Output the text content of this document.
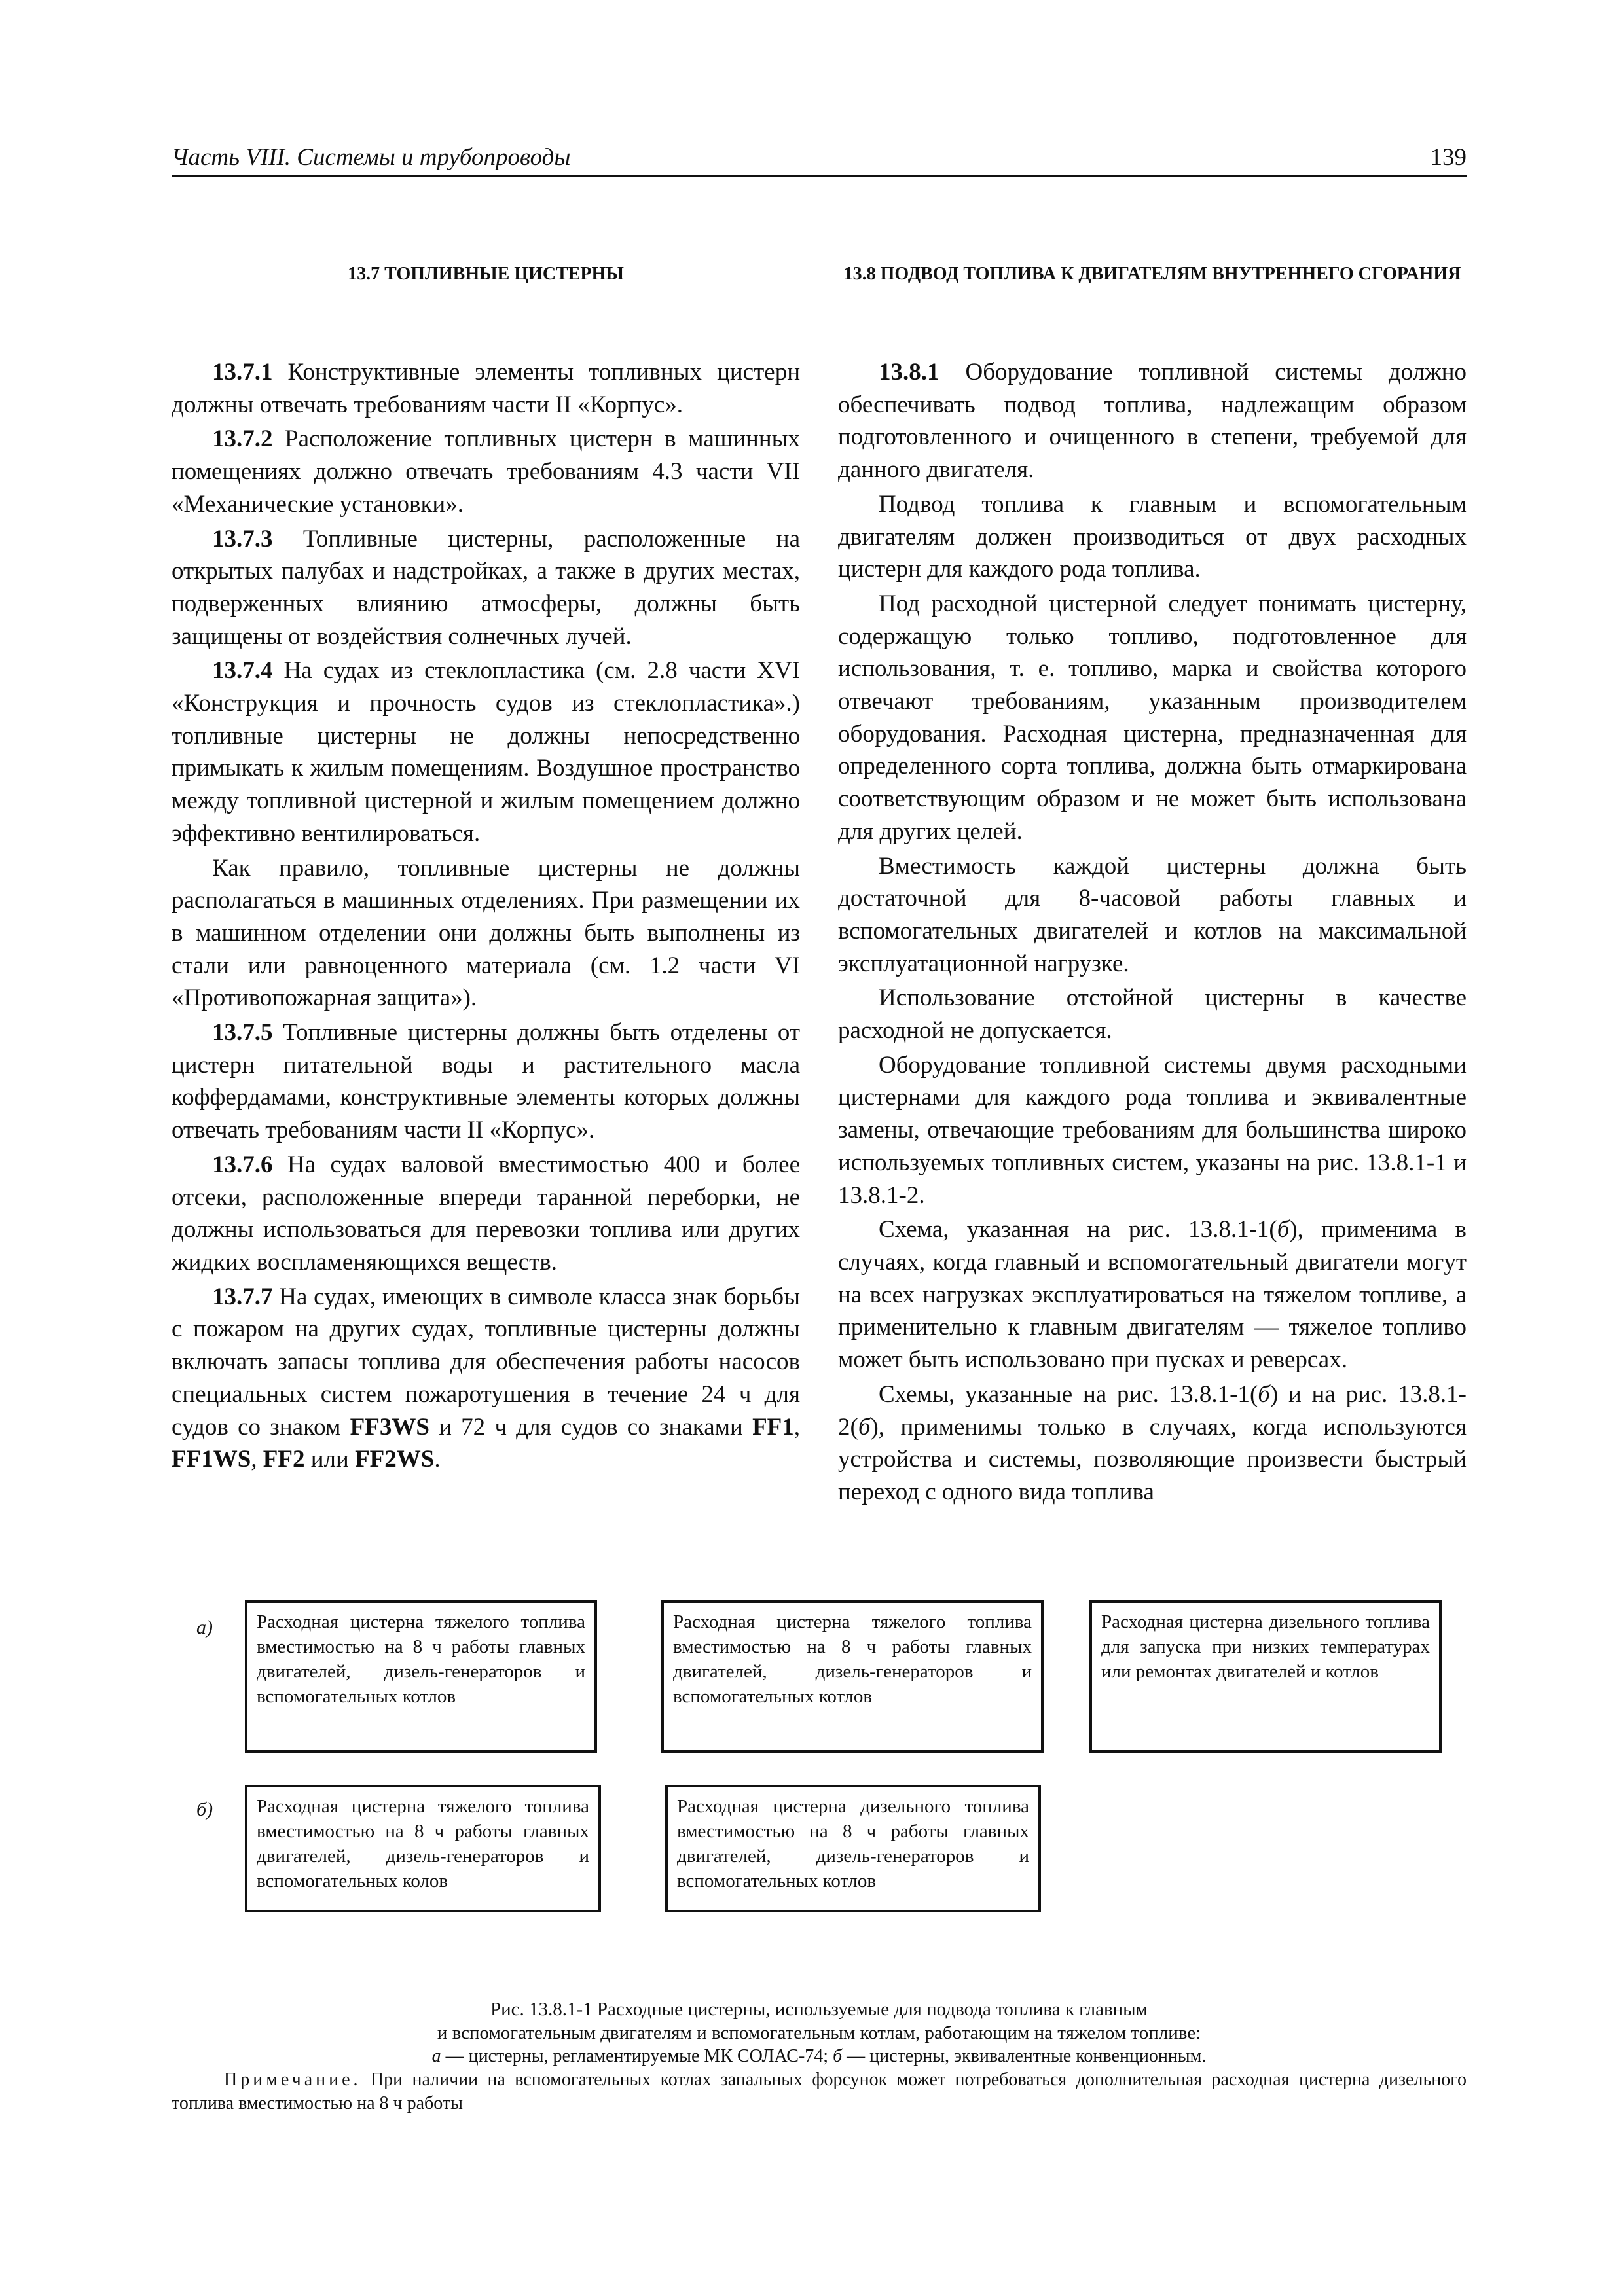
Часть VIII. Системы и трубопроводы	139
13.7 ТОПЛИВНЫЕ ЦИСТЕРНЫ

13.7.1 Конструктивные элементы топливных цистерн должны отвечать требованиям части II «Корпус».

13.7.2 Расположение топливных цистерн в машинных помещениях должно отвечать требованиям 4.3 части VII «Механические установки».

13.7.3 Топливные цистерны, расположенные на открытых палубах и надстройках, а также в других местах, подверженных влиянию атмосферы, должны быть защищены от воздействия солнечных лучей.

13.7.4 На судах из стеклопластика (см. 2.8 части XVI «Конструкция и прочность судов из стеклопластика».) топливные цистерны не должны непосредственно примыкать к жилым помещениям. Воздушное пространство между топливной цистерной и жилым помещением должно эффективно вентилироваться.

Как правило, топливные цистерны не должны располагаться в машинных отделениях. При размещении их в машинном отделении они должны быть выполнены из стали или равноценного материала (см. 1.2 части VI «Противопожарная защита»).

13.7.5 Топливные цистерны должны быть отделены от цистерн питательной воды и растительного масла коффердамами, конструктивные элементы которых должны отвечать требованиям части II «Корпус».

13.7.6 На судах валовой вместимостью 400 и более отсеки, расположенные впереди таранной переборки, не должны использоваться для перевозки топлива или других жидких воспламеняющихся веществ.

13.7.7 На судах, имеющих в символе класса знак борьбы с пожаром на других судах, топливные цистерны должны включать запасы топлива для обеспечения работы насосов специальных систем пожаротушения в течение 24 ч для судов со знаком FF3WS и 72 ч для судов со знаками FF1, FF1WS, FF2 или FF2WS.

13.8 ПОДВОД ТОПЛИВА К ДВИГАТЕЛЯМ ВНУТРЕННЕГО СГОРАНИЯ

13.8.1 Оборудование топливной системы должно обеспечивать подвод топлива, надлежащим образом подготовленного и очищенного в степени, требуемой для данного двигателя.

Подвод топлива к главным и вспомогательным двигателям должен производиться от двух расходных цистерн для каждого рода топлива.

Под расходной цистерной следует понимать цистерну, содержащую только топливо, подготовленное для использования, т. е. топливо, марка и свойства которого отвечают требованиям, указанным производителем оборудования. Расходная цистерна, предназначенная для определенного сорта топлива, должна быть отмаркирована соответствующим образом и не может быть использована для других целей.

Вместимость каждой цистерны должна быть достаточной для 8-часовой работы главных и вспомогательных двигателей и котлов на максимальной эксплуатационной нагрузке.

Использование отстойной цистерны в качестве расходной не допускается.

Оборудование топливной системы двумя расходными цистернами для каждого рода топлива и эквивалентные замены, отвечающие требованиям для большинства широко используемых топливных систем, указаны на рис. 13.8.1-1 и 13.8.1-2.

Схема, указанная на рис. 13.8.1-1(б), применима в случаях, когда главный и вспомогательный двигатели могут на всех нагрузках эксплуатироваться на тяжелом топливе, а применительно к главным двигателям — тяжелое топливо может быть использовано при пусках и реверсах.

Схемы, указанные на рис. 13.8.1-1(б) и на рис. 13.8.1-2(б), применимы только в случаях, когда используются устройства и системы, позволяющие произвести быстрый переход с одного вида топлива

а)	Расходная цистерна тяжелого топлива вместимостью на 8 ч работы главных двигателей, дизель-генераторов и вспомогательных котлов
Расходная цистерна тяжелого топлива вместимостью на 8 ч работы главных двигателей, дизель-генераторов и вспомогательных котлов
Расходная цистерна дизельного топлива для запуска при низких температурах или ремонтах двигателей и котлов
б)	Расходная цистерна тяжелого топлива вместимостью на 8 ч работы главных двигателей, дизель-генераторов и вспомогательных колов
Расходная цистерна дизельного топлива вместимостью на 8 ч работы главных двигателей, дизель-генераторов и вспомогательных котлов

Рис. 13.8.1-1 Расходные цистерны, используемые для подвода топлива к главным

и вспомогательным двигателям и вспомогательным котлам, работающим на тяжелом топливе:

а — цистерны, регламентируемые МК СОЛАС-74; б — цистерны, эквивалентные конвенционным.

Примечание. При наличии на вспомогательных котлах запальных форсунок может потребоваться дополнительная расходная цистерна дизельного топлива вместимостью на 8 ч работы
